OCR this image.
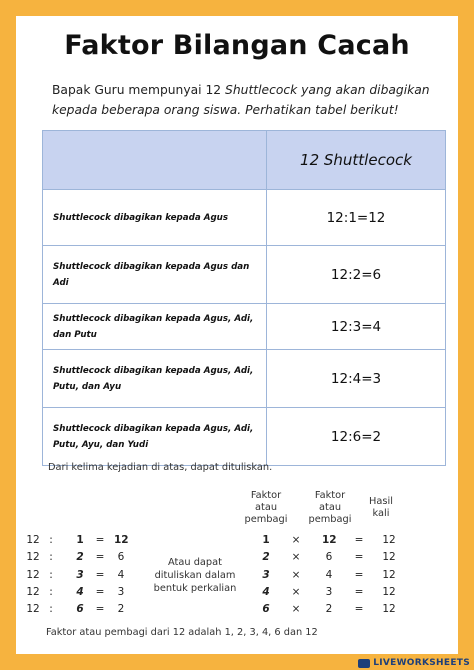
Faktor Bilangan Cacah
Bapak Guru mempunyai 12 Shuttlecock yang akan dibagikan kepada beberapa orang siswa. Perhatikan tabel berikut!
	12 Shuttlecock
Shuttlecock dibagikan kepada Agus	12:1=12
Shuttlecock dibagikan kepada Agus dan Adi	12:2=6
Shuttlecock dibagikan kepada Agus, Adi, dan Putu	12:3=4
Shuttlecock dibagikan kepada Agus, Adi, Putu, dan Ayu	12:4=3
Shuttlecock dibagikan kepada Agus, Adi, Putu, Ayu, dan Yudi	12:6=2
Dari kelima kejadian di atas, dapat dituliskan.
Faktor atau pembagi
Faktor atau pembagi
Hasil kali
12 :	1	= 12
12 :	2	=	6
12 :	3	=	4
12 :	4	=	3
12 :	6	=	2
Atau dapat dituliskan dalam bentuk perkalian
1	× 12 = 12
2	×	6	= 12
3	×	4	= 12
4	×	3	= 12
6	×	2	= 12
Faktor atau pembagi dari 12 adalah 1, 2, 3, 4, 6 dan 12
LIVEWORKSHEETS
